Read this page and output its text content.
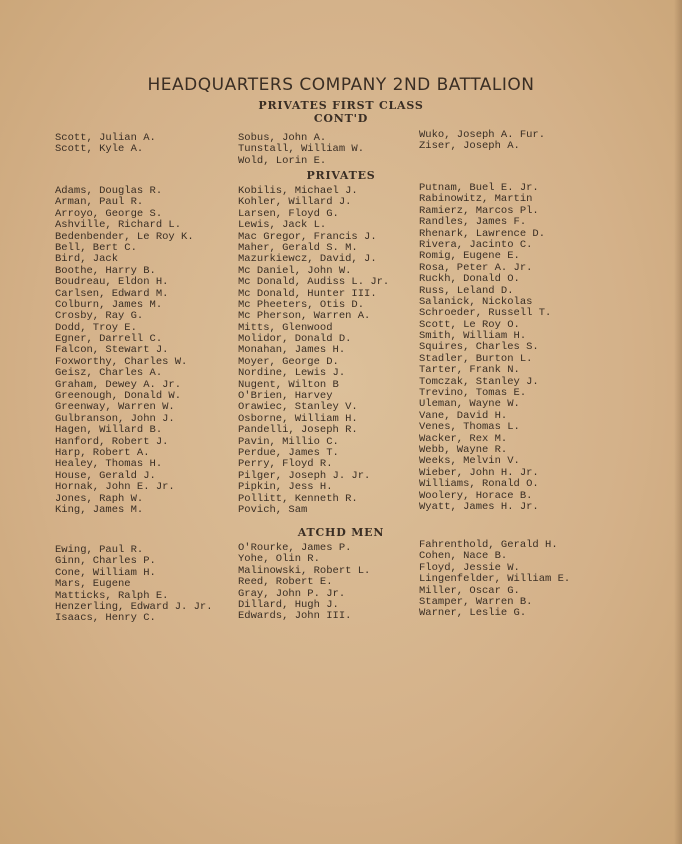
HEADQUARTERS COMPANY 2ND BATTALION
PRIVATES FIRST CLASS
CONT'D
Scott, Julian A.
Scott, Kyle A.
Sobus, John A.
Tunstall, William W.
Wold, Lorin E.
Wuko, Joseph A. Fur.
Ziser, Joseph A.
PRIVATES
Adams, Douglas R.
Arman, Paul R.
Arroyo, George S.
Ashville, Richard L.
Bedenbender, Le Roy K.
Bell, Bert C.
Bird, Jack
Boothe, Harry B.
Boudreau, Eldon H.
Carlsen, Edward M.
Colburn, James M.
Crosby, Ray G.
Dodd, Troy E.
Egner, Darrell C.
Falcon, Stewart J.
Foxworthy, Charles W.
Geisz, Charles A.
Graham, Dewey A. Jr.
Greenough, Donald W.
Greenway, Warren W.
Gulbranson, John J.
Hagen, Willard B.
Hanford, Robert J.
Harp, Robert A.
Healey, Thomas H.
House, Gerald J.
Hornak, John E. Jr.
Jones, Raph W.
King, James M.
Kobilis, Michael J.
Kohler, Willard J.
Larsen, Floyd G.
Lewis, Jack L.
Mac Gregor, Francis J.
Maher, Gerald S. M.
Mazurkiewcz, David, J.
Mc Daniel, John W.
Mc Donald, Audiss L. Jr.
Mc Donald, Hunter III.
Mc Pheeters, Otis D.
Mc Pherson, Warren A.
Mitts, Glenwood
Molidor, Donald D.
Monahan, James H.
Moyer, George D.
Nordine, Lewis J.
Nugent, Wilton B
O'Brien, Harvey
Orawiec, Stanley V.
Osborne, William H.
Pandelli, Joseph R.
Pavin, Millio C.
Perdue, James T.
Perry, Floyd R.
Pilger, Joseph J. Jr.
Pipkin, Jess H.
Pollitt, Kenneth R.
Povich, Sam
Putnam, Buel E. Jr.
Rabinowitz, Martin
Ramierz, Marcos Pl.
Randles, James F.
Rhenark, Lawrence D.
Rivera, Jacinto C.
Romig, Eugene E.
Rosa, Peter A. Jr.
Ruckh, Donald O.
Russ, Leland D.
Salanick, Nickolas
Schroeder, Russell T.
Scott, Le Roy O.
Smith, William H.
Squires, Charles S.
Stadler, Burton L.
Tarter, Frank N.
Tomczak, Stanley J.
Trevino, Tomas E.
Uleman, Wayne W.
Vane, David H.
Venes, Thomas L.
Wacker, Rex M.
Webb, Wayne R.
Weeks, Melvin V.
Wieber, John H. Jr.
Williams, Ronald O.
Woolery, Horace B.
Wyatt, James H. Jr.
ATCHD MEN
Ewing, Paul R.
Ginn, Charles P.
Cone, William H.
Mars, Eugene
Matticks, Ralph E.
Henzerling, Edward J. Jr.
Isaacs, Henry C.
O'Rourke, James P.
Yohe, Olin R.
Malinowski, Robert L.
Reed, Robert E.
Gray, John P. Jr.
Dillard, Hugh J.
Edwards, John III.
Fahrenthold, Gerald H.
Cohen, Nace B.
Floyd, Jessie W.
Lingenfelder, William E.
Miller, Oscar G.
Stamper, Warren B.
Warner, Leslie G.
